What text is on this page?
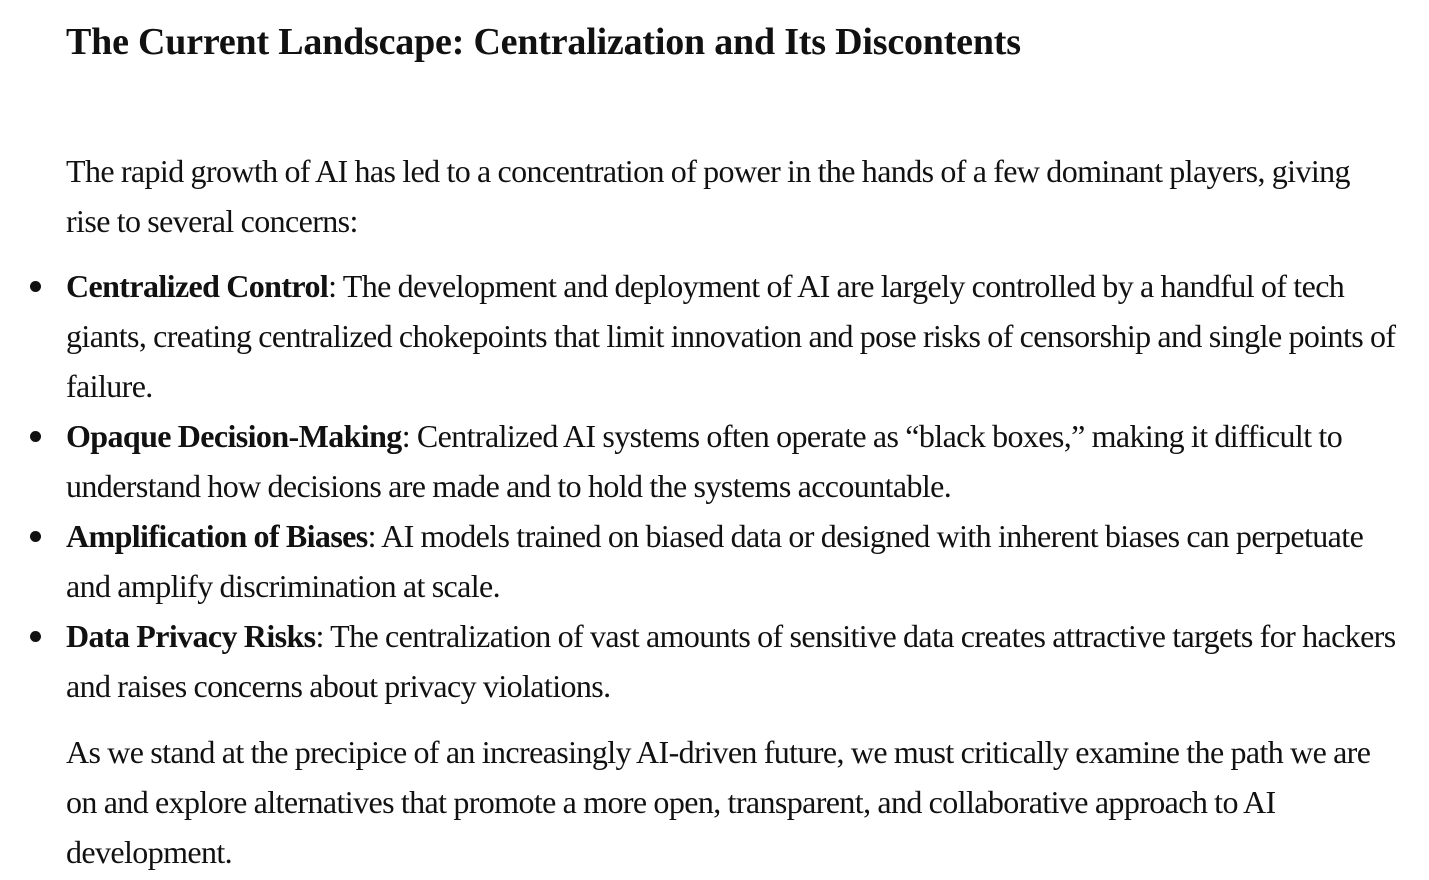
The Current Landscape: Centralization and Its Discontents

The rapid growth of AI has led to a concentration of power in the hands of a few dominant players, giving rise to several concerns:

Centralized Control: The development and deployment of AI are largely controlled by a handful of tech giants, creating centralized chokepoints that limit innovation and pose risks of censorship and single points of failure.
Opaque Decision-Making: Centralized AI systems often operate as “black boxes,” making it difficult to understand how decisions are made and to hold the systems accountable.
Amplification of Biases: AI models trained on biased data or designed with inherent biases can perpetuate and amplify discrimination at scale.
Data Privacy Risks: The centralization of vast amounts of sensitive data creates attractive targets for hackers and raises concerns about privacy violations.

As we stand at the precipice of an increasingly AI-driven future, we must critically examine the path we are on and explore alternatives that promote a more open, transparent, and collaborative approach to AI development.
